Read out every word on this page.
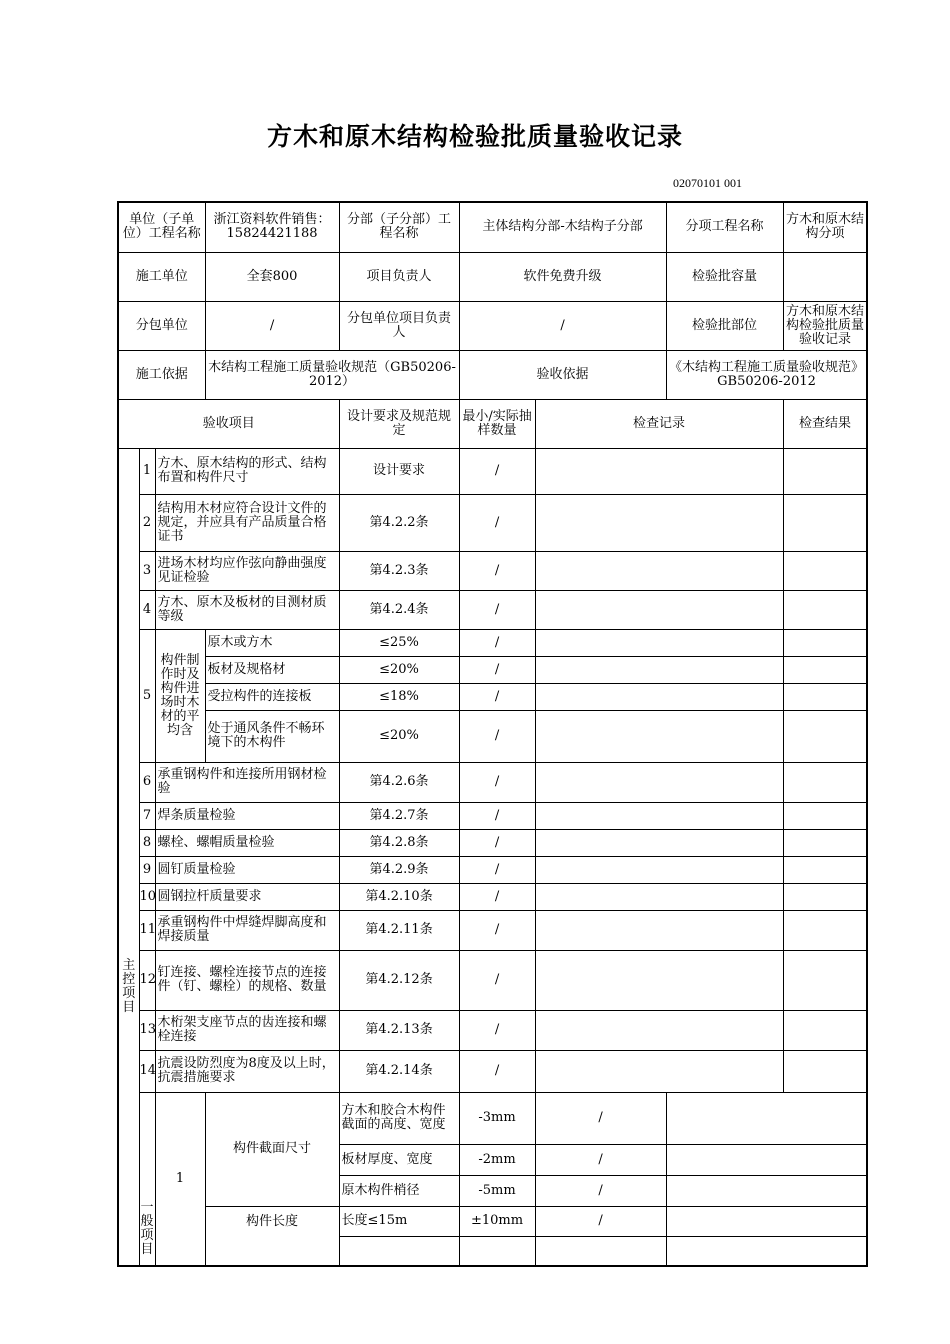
方木和原木结构检验批质量验收记录
02070101 001
单位（子单位）工程名称			浙江资料软件销售：15824421188	分部（子分部）工程名称	主体结构分部-木结构子分部		分项工程名称	方木和原木结构分项	
施工单位			全套800	项目负责人	软件免费升级		检验批容量		
分包单位			/	分包单位项目负责人	/		检验批部位	方木和原木结构检验批质量验收记录	
施工依据			木结构工程施工质量验收规范（GB50206-2012）		验收依据		《木结构工程施工质量验收规范》GB50206-2012		
验收项目				设计要求及规范规定	最小/实际抽样数量	检查记录		检查结果	
主控项目	1	方木、原木结构的形式、结构布置和构件尺寸		设计要求	/				
	2	结构用木材应符合设计文件的规定，并应具有产品质量合格证书		第4.2.2条	/				
	3	进场木材均应作弦向静曲强度见证检验		第4.2.3条	/				
	4	方木、原木及板材的目测材质等级		第4.2.4条	/				
	5	构件制作时及构件进场时木材的平均含	原木或方木	≤25%	/				
			板材及规格材	≤20%	/				
			受拉构件的连接板	≤18%	/				
			处于通风条件不畅环境下的木构件	≤20%	/				
	6	承重钢构件和连接所用钢材检验		第4.2.6条	/				
	7	焊条质量检验		第4.2.7条	/				
	8	螺栓、螺帽质量检验		第4.2.8条	/				
	9	圆钉质量检验		第4.2.9条	/				
	10	圆钢拉杆质量要求		第4.2.10条	/				
	11	承重钢构件中焊缝焊脚高度和焊接质量		第4.2.11条	/				
	12	钉连接、螺栓连接节点的连接件（钉、螺栓）的规格、数量		第4.2.12条	/				
	13	木桁架支座节点的齿连接和螺栓连接		第4.2.13条	/				
	14	抗震设防烈度为8度及以上时，抗震措施要求		第4.2.14条	/				
	一般项目	1	构件截面尺寸	方木和胶合木构件截面的高度、宽度	-3mm	/			
				板材厚度、宽度	-2mm	/			
				原木构件梢径	-5mm	/			
			构件长度	长度≤15m	±10mm	/			
